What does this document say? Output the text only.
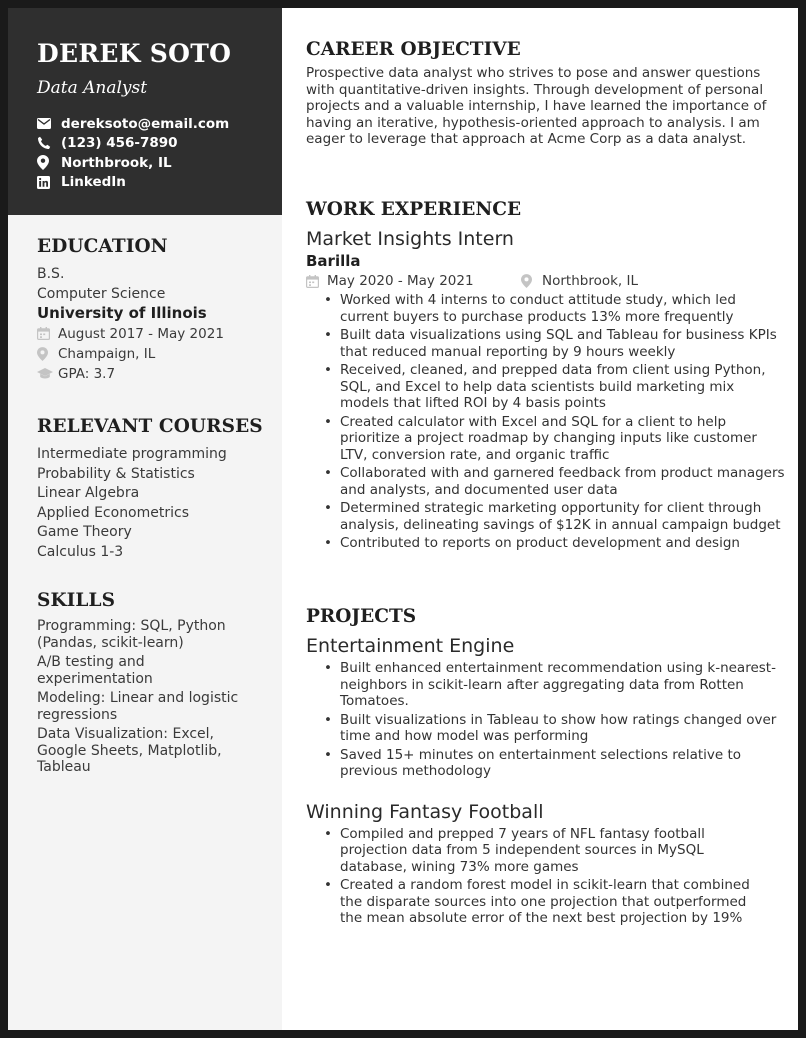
DEREK SOTO
Data Analyst
dereksoto@email.com
(123) 456-7890
Northbrook, IL
LinkedIn
EDUCATION
B.S.
Computer Science
University of Illinois
August 2017 - May 2021
Champaign, IL
GPA: 3.7
RELEVANT COURSES
Intermediate programming
Probability & Statistics
Linear Algebra
Applied Econometrics
Game Theory
Calculus 1-3
SKILLS
Programming: SQL, Python (Pandas, scikit-learn)
A/B testing and experimentation
Modeling: Linear and logistic regressions
Data Visualization: Excel, Google Sheets, Matplotlib, Tableau
CAREER OBJECTIVE
Prospective data analyst who strives to pose and answer questions with quantitative-driven insights. Through development of personal projects and a valuable internship, I have learned the importance of having an iterative, hypothesis-oriented approach to analysis. I am eager to leverage that approach at Acme Corp as a data analyst.
WORK EXPERIENCE
Market Insights Intern
Barilla
May 2020 - May 2021	Northbrook, IL
• Worked with 4 interns to conduct attitude study, which led current buyers to purchase products 13% more frequently
• Built data visualizations using SQL and Tableau for business KPIs that reduced manual reporting by 9 hours weekly
• Received, cleaned, and prepped data from client using Python, SQL, and Excel to help data scientists build marketing mix models that lifted ROI by 4 basis points
• Created calculator with Excel and SQL for a client to help prioritize a project roadmap by changing inputs like customer LTV, conversion rate, and organic traffic
• Collaborated with and garnered feedback from product managers and analysts, and documented user data
• Determined strategic marketing opportunity for client through analysis, delineating savings of $12K in annual campaign budget
• Contributed to reports on product development and design
PROJECTS
Entertainment Engine
• Built enhanced entertainment recommendation using k-nearest-neighbors in scikit-learn after aggregating data from Rotten Tomatoes.
• Built visualizations in Tableau to show how ratings changed over time and how model was performing
• Saved 15+ minutes on entertainment selections relative to previous methodology
Winning Fantasy Football
• Compiled and prepped 7 years of NFL fantasy football projection data from 5 independent sources in MySQL database, wining 73% more games
• Created a random forest model in scikit-learn that combined the disparate sources into one projection that outperformed the mean absolute error of the next best projection by 19%
